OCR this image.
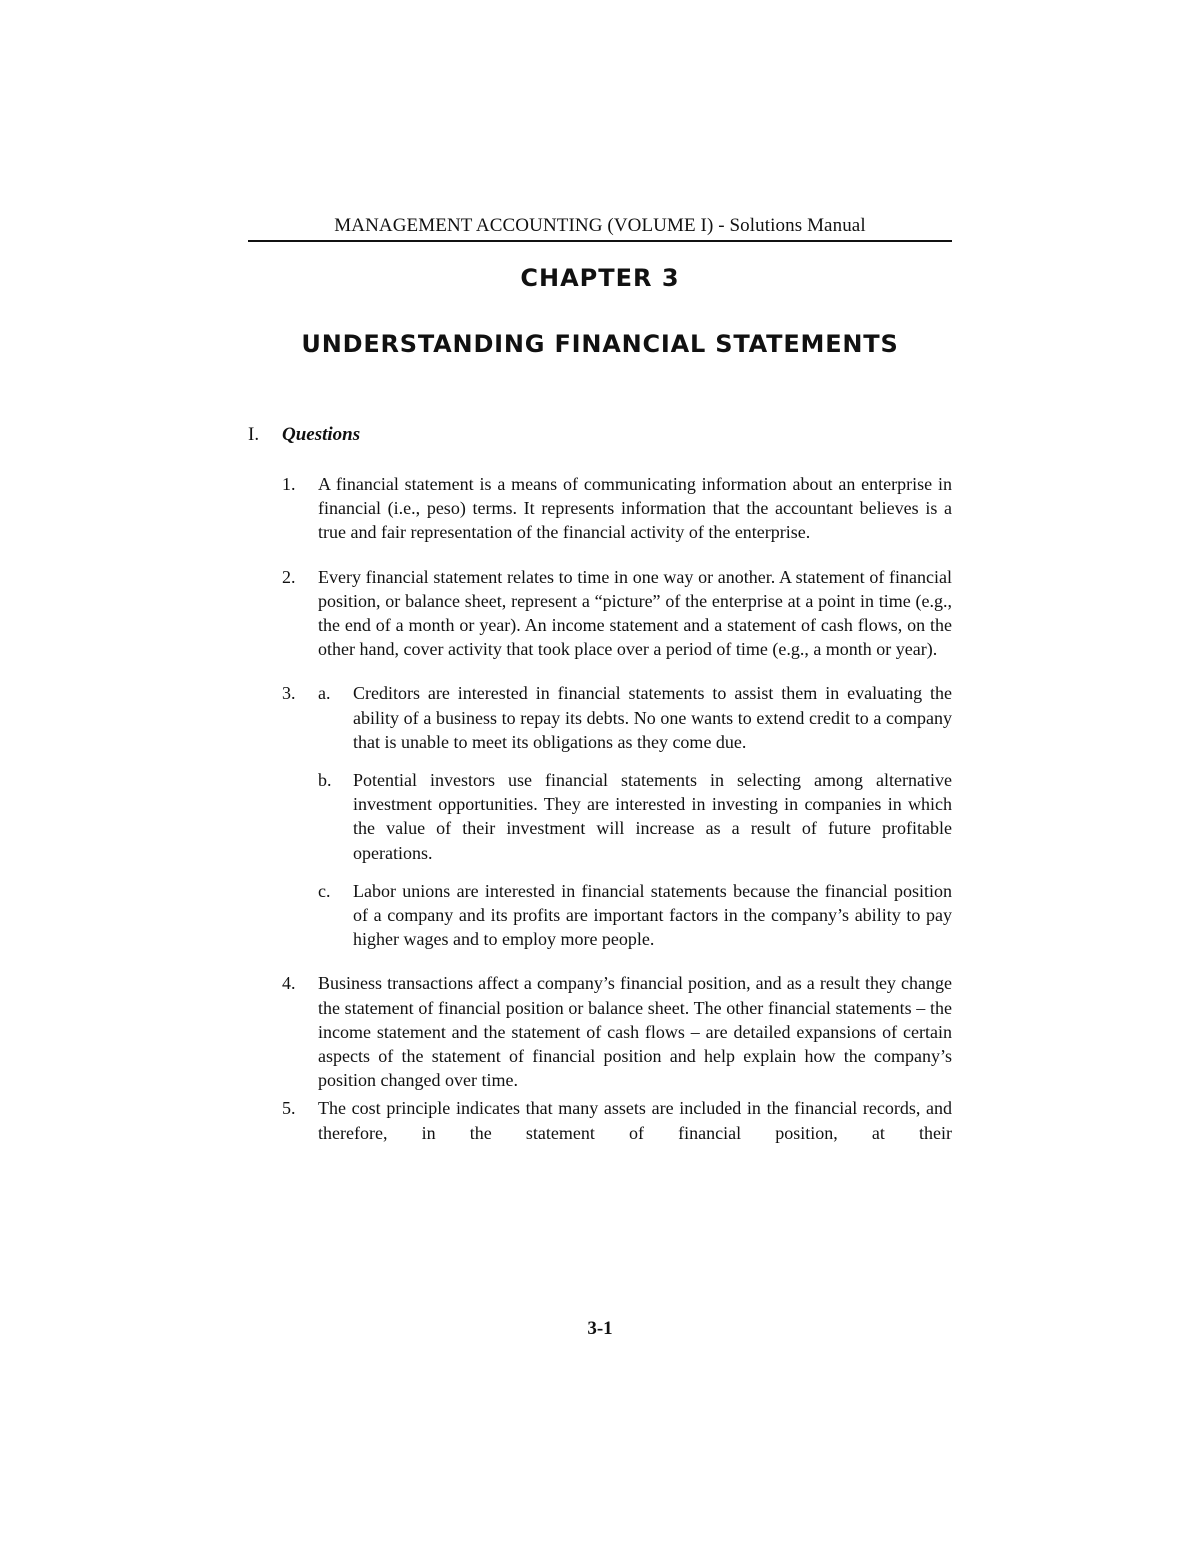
MANAGEMENT ACCOUNTING (VOLUME I) - Solutions Manual
CHAPTER 3
UNDERSTANDING FINANCIAL STATEMENTS
I. Questions
1.	A financial statement is a means of communicating information about an enterprise in financial (i.e., peso) terms. It represents information that the accountant believes is a true and fair representation of the financial activity of the enterprise.
2.	Every financial statement relates to time in one way or another. A statement of financial position, or balance sheet, represent a “picture” of the enterprise at a point in time (e.g., the end of a month or year). An income statement and a statement of cash flows, on the other hand, cover activity that took place over a period of time (e.g., a month or year).
3.	a.	Creditors are interested in financial statements to assist them in evaluating the ability of a business to repay its debts. No one wants to extend credit to a company that is unable to meet its obligations as they come due.
b.	Potential investors use financial statements in selecting among alternative investment opportunities. They are interested in investing in companies in which the value of their investment will increase as a result of future profitable operations.
c.	Labor unions are interested in financial statements because the financial position of a company and its profits are important factors in the company’s ability to pay higher wages and to employ more people.
4.	Business transactions affect a company’s financial position, and as a result they change the statement of financial position or balance sheet. The other financial statements – the income statement and the statement of cash flows – are detailed expansions of certain aspects of the statement of financial position and help explain how the company’s position changed over time.
5.	The cost principle indicates that many assets are included in the financial records, and therefore, in the statement of financial position, at their
3-1
